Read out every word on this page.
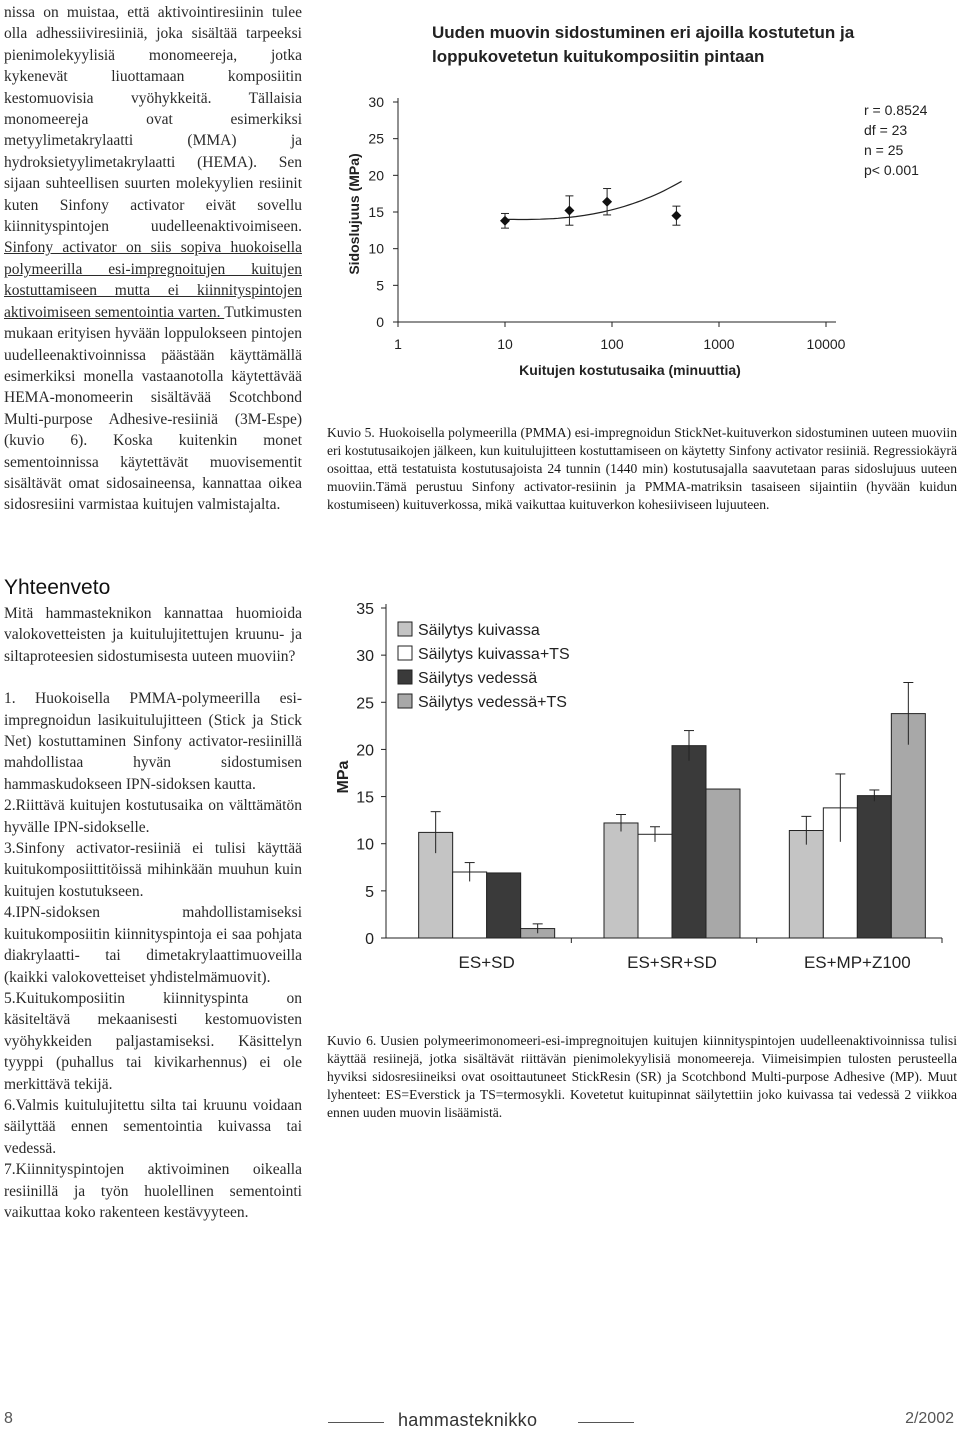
nissa on muistaa, että aktivointiresiinin tulee olla adhessiiviresiiniä, joka sisältää tarpeeksi pienimolekyylisiä monomeereja, jotka kykenevät liuottamaan komposiitin kestomuovisia vyöhykkeitä. Tällaisia monomeereja ovat esimerkiksi metyylimetakrylaatti (MMA) ja hydroksietyylimetakrylaatti (HEMA). Sen sijaan suhteellisen suurten molekyylien resiinit kuten Sinfony activator eivät sovellu kiinnityspintojen uudelleenaktivoimiseen. Sinfony activator on siis sopiva huokoisella polymeerilla esi-impregnoitujen kuitujen kostuttamiseen mutta ei kiinnityspintojen aktivoimiseen sementointia varten. Tutkimusten mukaan erityisen hyvään loppulokseen pintojen uudelleenaktivoinnissa päästään käyttämällä esimerkiksi monella vastaanotolla käytettävää HEMA-monomeerin sisältävää Scotchbond Multi-purpose Adhesive-resiiniä (3M-Espe) (kuvio 6). Koska kuitenkin monet sementoinnissa käytettävät muovisementit sisältävät omat sidosaineensa, kannattaa oikea sidosresiini varmistaa kuitujen valmistajalta.

Uuden muovin sidostuminen eri ajoilla kostutetun ja
loppukovetetun kuitukomposiitin pintaan
0
5
10
15
20
25
30
1	10	100	1000	10000
Sidoslujuus (MPa)
Kuitujen kostutusaika (minuuttia)
r = 0.8524
df = 23
n = 25
p< 0.001
Kuvio 5. Huokoisella polymeerilla (PMMA) esi-impregnoidun StickNet-kuituverkon sidostuminen uuteen muoviin eri kostutusaikojen jälkeen, kun kuitulujitteen kostuttamiseen on käytetty Sinfony activator resiiniä. Regressiokäyrä osoittaa, että testatuista kostutusajoista 24 tunnin (1440 min) kostutusajalla saavutetaan paras sidoslujuus uuteen muoviin.Tämä perustuu Sinfony activator-resiinin ja PMMA-matriksin tasaiseen sijaintiin (hyvään kuidun kostumiseen) kuituverkossa, mikä vaikuttaa kuituverkon kohesiiviseen lujuuteen.
Yhteenveto

Mitä hammasteknikon kannattaa huomioida valokovetteisten ja kuitulujitettujen kruunu- ja siltaproteesien sidostumisesta uuteen muoviin?

1. Huokoisella PMMA-polymeerilla esi-impregnoidun lasikuitulujitteen (Stick ja Stick Net) kostuttaminen Sinfony activator-resiinillä mahdollistaa hyvän sidostumisen hammaskudokseen IPN-sidoksen kautta.

2.Riittävä kuitujen kostutusaika on välttämätön hyvälle IPN-sidokselle.

3.Sinfony activator-resiiniä ei tulisi käyttää kuitukomposiittitöissä mihinkään muuhun kuin kuitujen kostutukseen.

4.IPN-sidoksen mahdollistamiseksi kuitukomposiitin kiinnityspintoja ei saa pohjata diakrylaatti- tai dimetakrylaattimuoveilla (kaikki valokovetteiset yhdistelmämuovit).

5.Kuitukomposiitin kiinnityspinta on käsiteltävä mekaanisesti kestomuovisten vyöhykkeiden paljastamiseksi. Käsittelyn tyyppi (puhallus tai kivikarhennus) ei ole merkittävä tekijä.

6.Valmis kuitulujitettu silta tai kruunu voidaan säilyttää ennen sementointia kuivassa tai vedessä.

7.Kiinnityspintojen aktivoiminen oikealla resiinillä ja työn huolellinen sementointi vaikuttaa koko rakenteen kestävyyteen.

0
5
10
15
20
25
30
35
MPa
ES+SD	ES+SR+SD	ES+MP+Z100
Säilytys kuivassa
Säilytys kuivassa+TS
Säilytys vedessä
Säilytys vedessä+TS
Kuvio 6. Uusien polymeerimonomeeri-esi-impregnoitujen kuitujen kiinnityspintojen uudelleenaktivoinnissa tulisi käyttää resiinejä, jotka sisältävät riittävän pienimolekyylisiä monomeereja. Viimeisimpien tulosten perusteella hyviksi sidosresiineiksi ovat osoittautuneet StickResin (SR) ja Scotchbond Multi-purpose Adhesive (MP). Muut lyhenteet: ES=Everstick ja TS=termosykli. Kovetetut kuitupinnat säilytettiin joko kuivassa tai vedessä 2 viikkoa ennen uuden muovin lisäämistä.
8	hammasteknikko	2/2002
